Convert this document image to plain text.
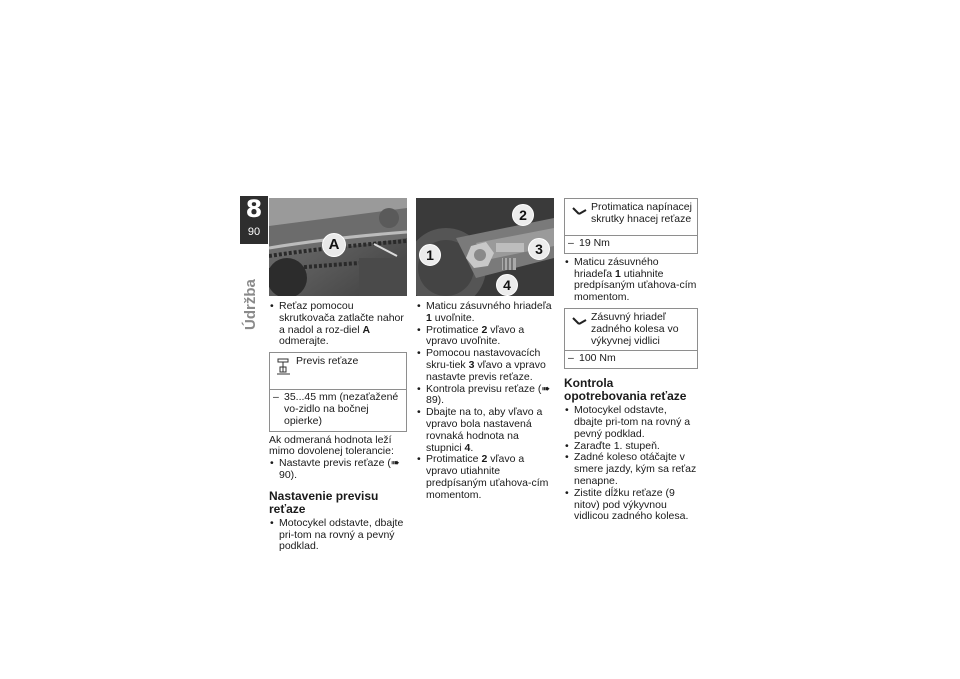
8
90
Údržba
A
• Reťaz pomocou skrutkovača zatlačte nahor a nadol a roz-diel A odmerajte.
Previs reťaze
– 35...45 mm (nezaťažené vo-zidlo na bočnej opierke)

Ak odmeraná hodnota leží mimo dovolenej tolerancie:

• Nastavte previs reťaze (➠ 90).
Nastavenie previsu reťaze
• Motocykel odstavte, dbajte pri-tom na rovný a pevný podklad.
1
2
3
4
• Maticu zásuvného hriadeľa 1 uvoľnite.
• Protimatice 2 vľavo a vpravo uvoľnite.
• Pomocou nastavovacích skru-tiek 3 vľavo a vpravo nastavte previs reťaze.
• Kontrola previsu reťaze (➠ 89).
• Dbajte na to, aby vľavo a vpravo bola nastavená rovnaká hodnota na stupnici 4.
• Protimatice 2 vľavo a vpravo utiahnite predpísaným uťahova-cím momentom.
Protimatica napínacej skrutky hnacej reťaze
– 19 Nm
• Maticu zásuvného hriadeľa 1 utiahnite predpísaným uťahova-cím momentom.
Zásuvný hriadeľ zadného kolesa vo výkyvnej vidlici
– 100 Nm
Kontrola opotrebovania reťaze
• Motocykel odstavte, dbajte pri-tom na rovný a pevný podklad.
• Zaraďte 1. stupeň.
• Zadné koleso otáčajte v smere jazdy, kým sa reťaz nenapne.
• Zistite dĺžku reťaze (9 nitov) pod výkyvnou vidlicou zadného kolesa.
